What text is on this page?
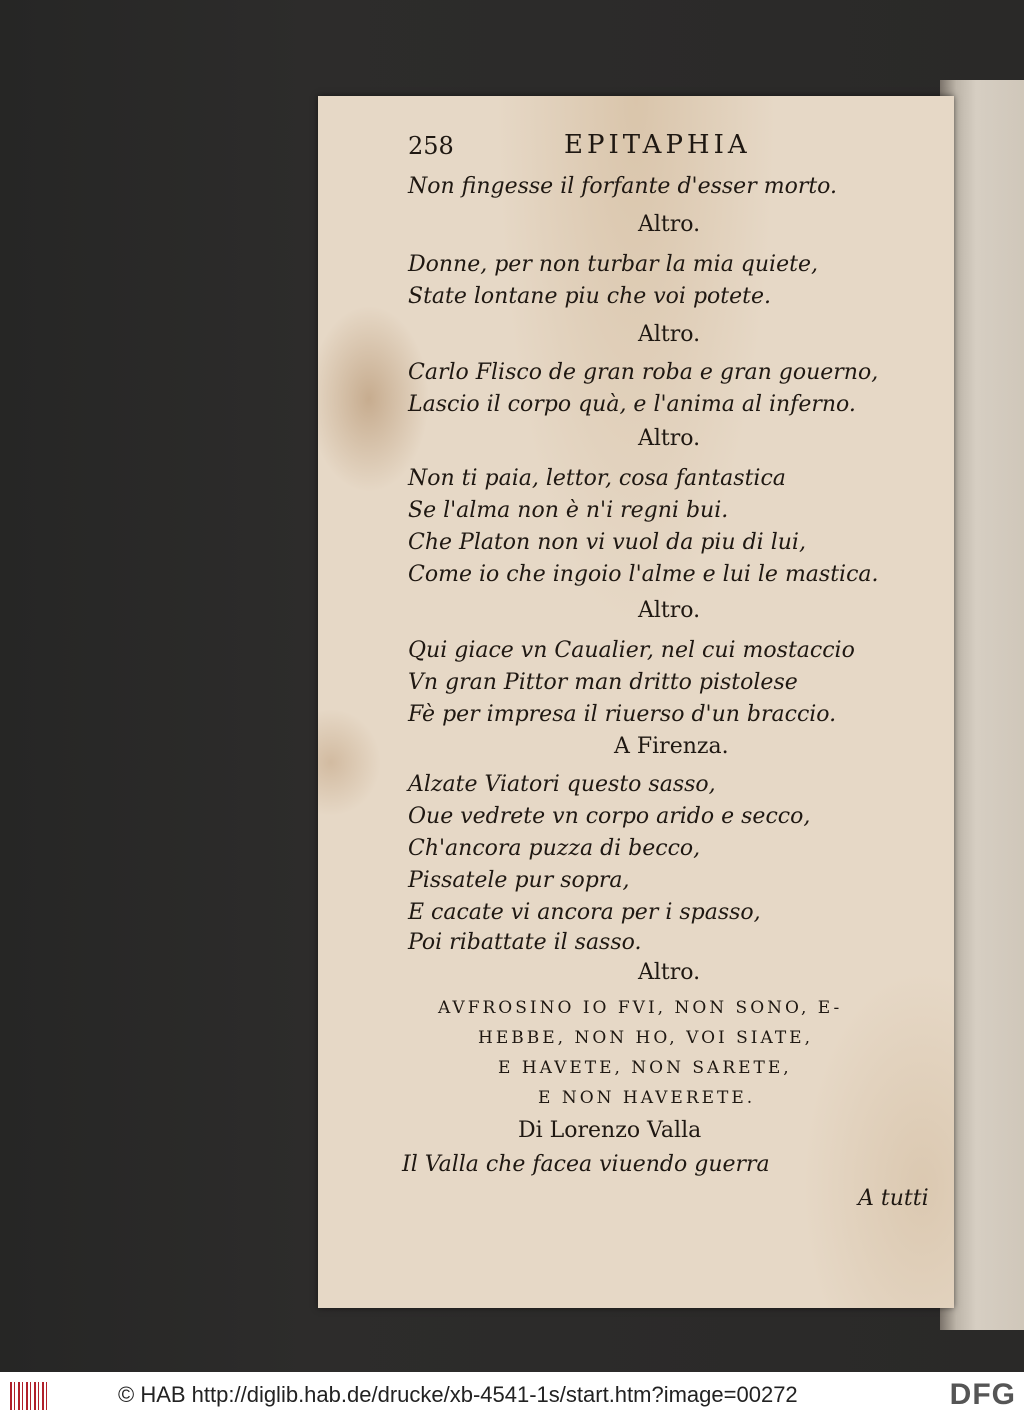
258	EPITAPHIA
Non fingesse il forfante d'esser morto.
Altro.
Donne, per non turbar la mia quiete,
State lontane piu che voi potete.
Altro.
Carlo Flisco de gran roba e gran gouerno,
Lascio il corpo quà, e l'anima al inferno.
Altro.
Non ti paia, lettor, cosa fantastica
Se l'alma non è n'i regni bui.
Che Platon non vi vuol da piu di lui,
Come io che ingoio l'alme e lui le mastica.
Altro.
Qui giace vn Caualier, nel cui mostaccio
Vn gran Pittor man dritto pistolese
Fè per impresa il riuerso d'un braccio.
A Firenza.
Alzate Viatori questo sasso,
Oue vedrete vn corpo arido e secco,
Ch'ancora puzza di becco,
Pissatele pur sopra,
E cacate vi ancora per i spasso,
Poi ribattate il sasso.
Altro.
AVFROSINO IO FVI, NON SONO, E-
HEBBE, NON HO, VOI SIATE,
E HAVETE, NON SARETE,
E NON HAVERETE.
Di Lorenzo Valla
Il Valla che facea viuendo guerra
A tutti
© HAB http://diglib.hab.de/drucke/xb-4541-1s/start.htm?image=00272	DFG
